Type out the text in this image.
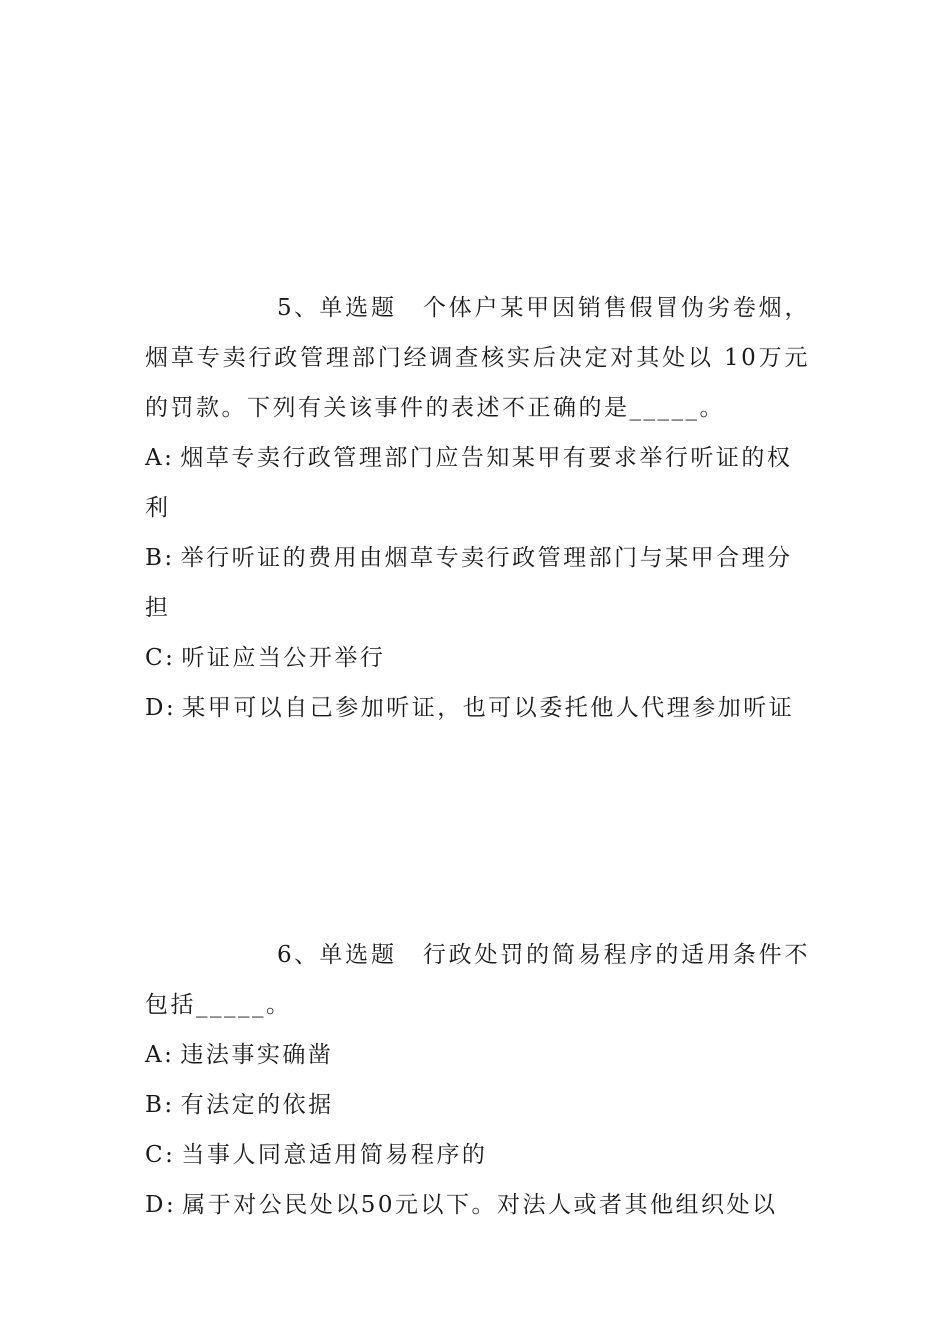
5、单选题 个体户某甲因销售假冒伪劣卷烟，烟草专卖行政管理部门经调查核实后决定对其处以 10万元的罚款。下列有关该事件的表述不正确的是_____。

A: 烟草专卖行政管理部门应告知某甲有要求举行听证的权利

B: 举行听证的费用由烟草专卖行政管理部门与某甲合理分担

C: 听证应当公开举行

D: 某甲可以自己参加听证，也可以委托他人代理参加听证

6、单选题 行政处罚的简易程序的适用条件不包括_____。

A: 违法事实确凿

B: 有法定的依据

C: 当事人同意适用简易程序的

D: 属于对公民处以50元以下。对法人或者其他组织处以
